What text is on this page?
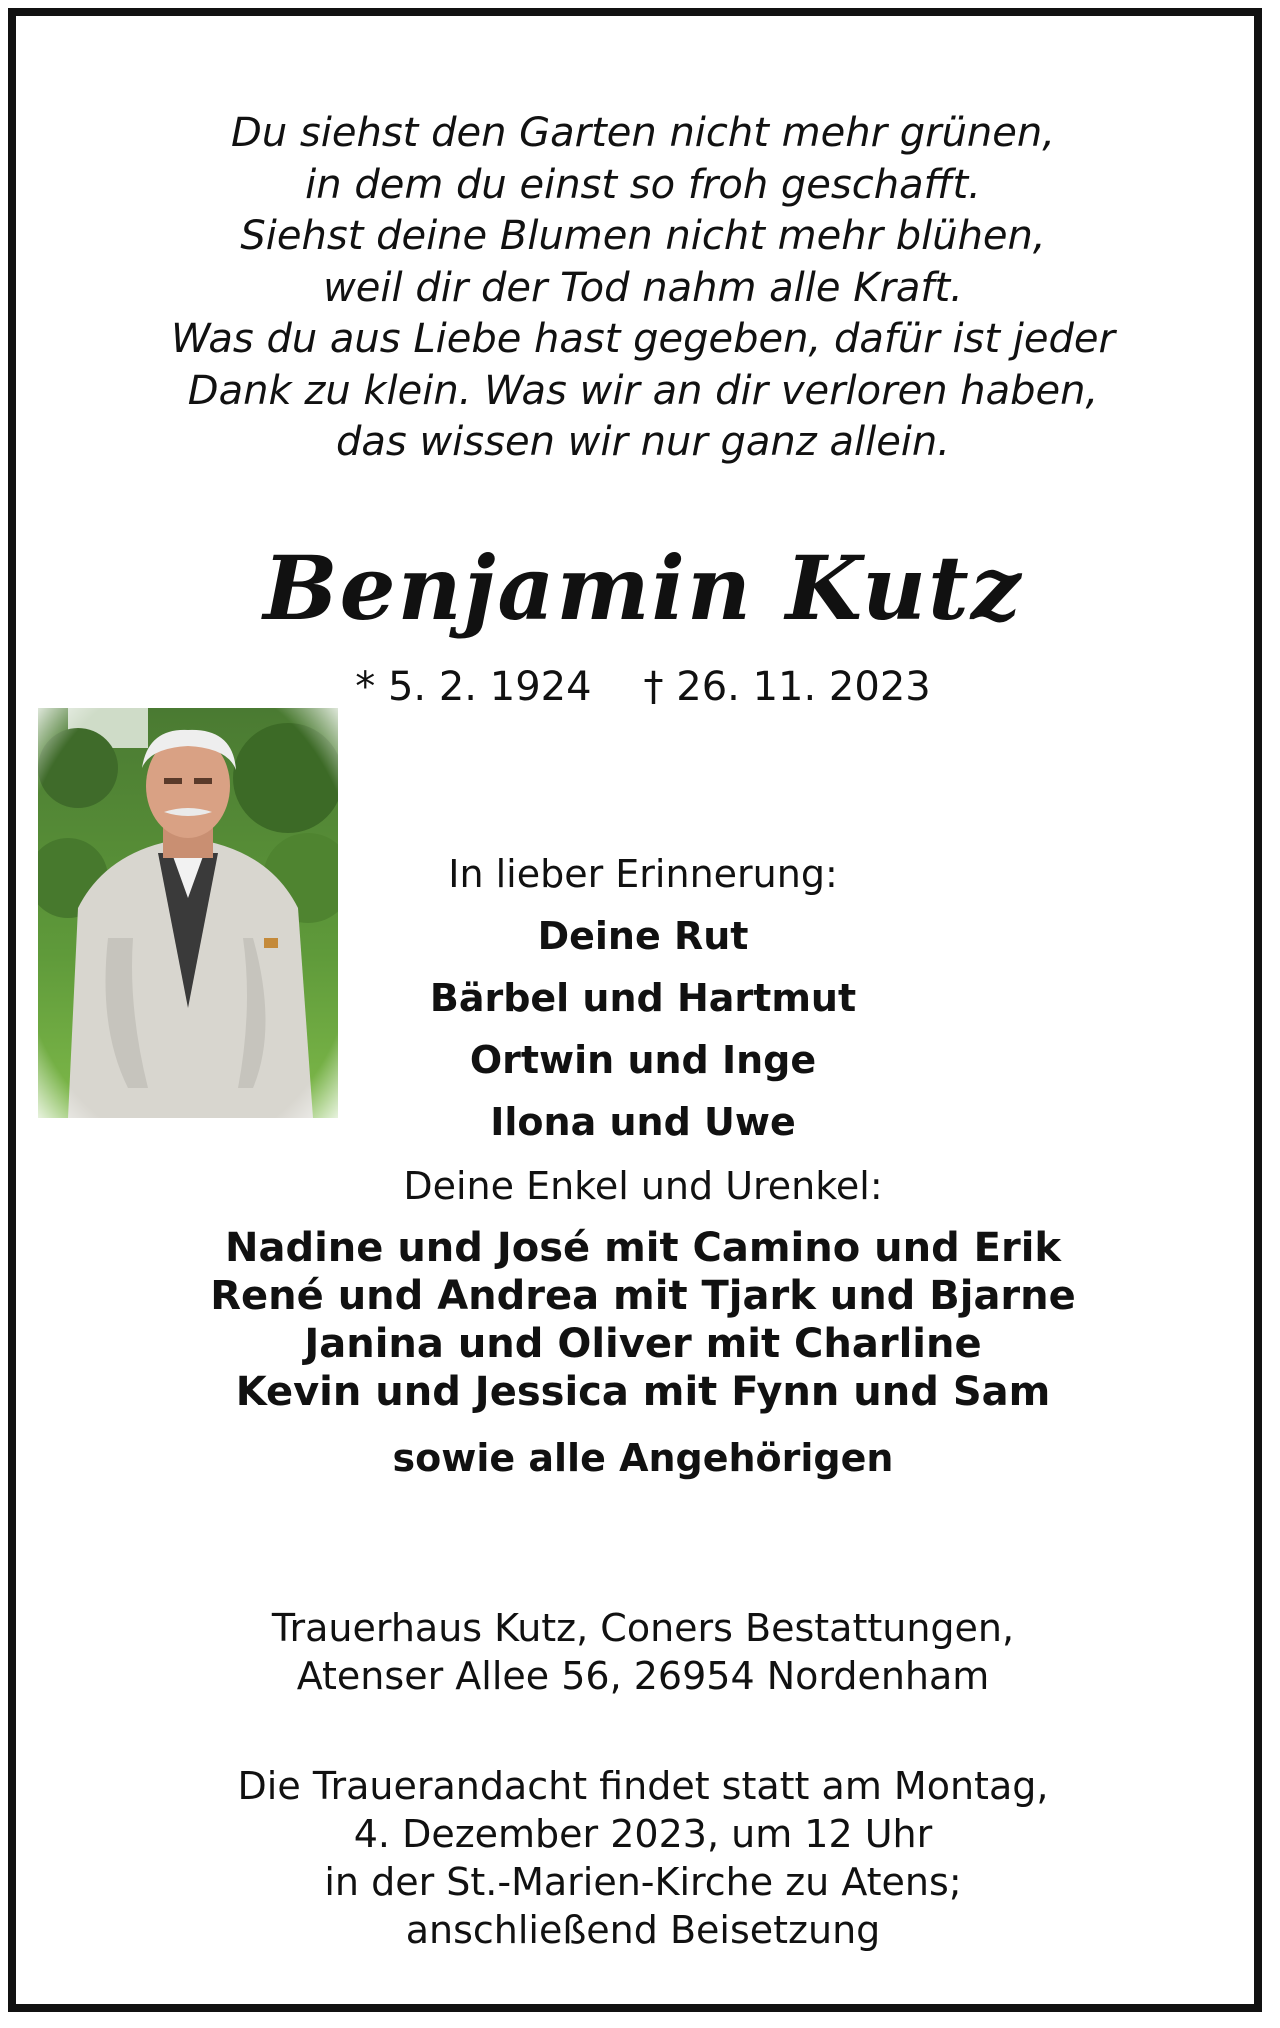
Du siehst den Garten nicht mehr grünen,
in dem du einst so froh geschafft.
Siehst deine Blumen nicht mehr blühen,
weil dir der Tod nahm alle Kraft.
Was du aus Liebe hast gegeben, dafür ist jeder
Dank zu klein. Was wir an dir verloren haben,
das wissen wir nur ganz allein.
Benjamin Kutz
* 5. 2. 1924 † 26. 11. 2023
In lieber Erinnerung:
Deine Rut
Bärbel und Hartmut
Ortwin und Inge
Ilona und Uwe
Deine Enkel und Urenkel:
Nadine und José mit Camino und Erik
René und Andrea mit Tjark und Bjarne
Janina und Oliver mit Charline
Kevin und Jessica mit Fynn und Sam
sowie alle Angehörigen
Trauerhaus Kutz, Coners Bestattungen,
Atenser Allee 56, 26954 Nordenham
Die Trauerandacht findet statt am Montag,
4. Dezember 2023, um 12 Uhr
in der St.-Marien-Kirche zu Atens;
anschließend Beisetzung
